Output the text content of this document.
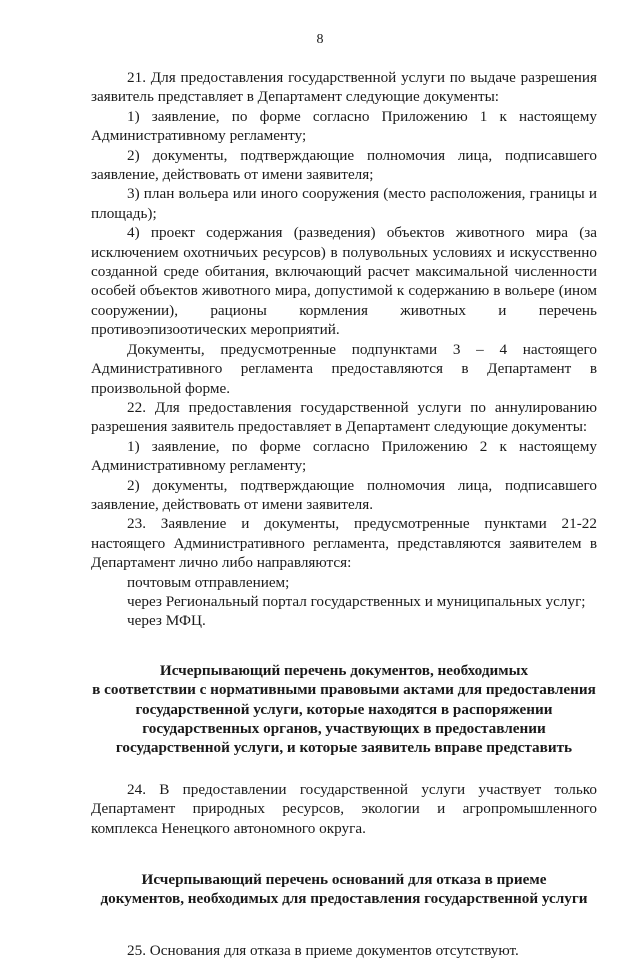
8

21. Для предоставления государственной услуги по выдаче разрешения заявитель представляет в Департамент следующие документы:

1) заявление, по форме согласно Приложению 1 к настоящему Административному регламенту;

2) документы, подтверждающие полномочия лица, подписавшего заявление, действовать от имени заявителя;

3) план вольера или иного сооружения (место расположения, границы и площадь);

4) проект содержания (разведения) объектов животного мира (за исключением охотничьих ресурсов) в полувольных условиях и искусственно созданной среде обитания, включающий расчет максимальной численности особей объектов животного мира, допустимой к содержанию в вольере (ином сооружении), рационы кормления животных и перечень противоэпизоотических мероприятий.

Документы, предусмотренные подпунктами 3 – 4 настоящего Административного регламента предоставляются в Департамент в произвольной форме.

22. Для предоставления государственной услуги по аннулированию разрешения заявитель предоставляет в Департамент следующие документы:

1) заявление, по форме согласно Приложению 2 к настоящему Административному регламенту;

2) документы, подтверждающие полномочия лица, подписавшего заявление, действовать от имени заявителя.

23. Заявление и документы, предусмотренные пунктами 21-22 настоящего Административного регламента, представляются заявителем в Департамент лично либо направляются:

почтовым отправлением;

через Региональный портал государственных и муниципальных услуг;

через МФЦ.

Исчерпывающий перечень документов, необходимых

в соответствии с нормативными правовыми актами для предоставления

государственной услуги, которые находятся в распоряжении

государственных органов, участвующих в предоставлении

государственной услуги, и которые заявитель вправе представить

24. В предоставлении государственной услуги участвует только Департамент природных ресурсов, экологии и агропромышленного комплекса Ненецкого автономного округа.

Исчерпывающий перечень оснований для отказа в приеме

документов, необходимых для предоставления государственной услуги

25. Основания для отказа в приеме документов отсутствуют.
